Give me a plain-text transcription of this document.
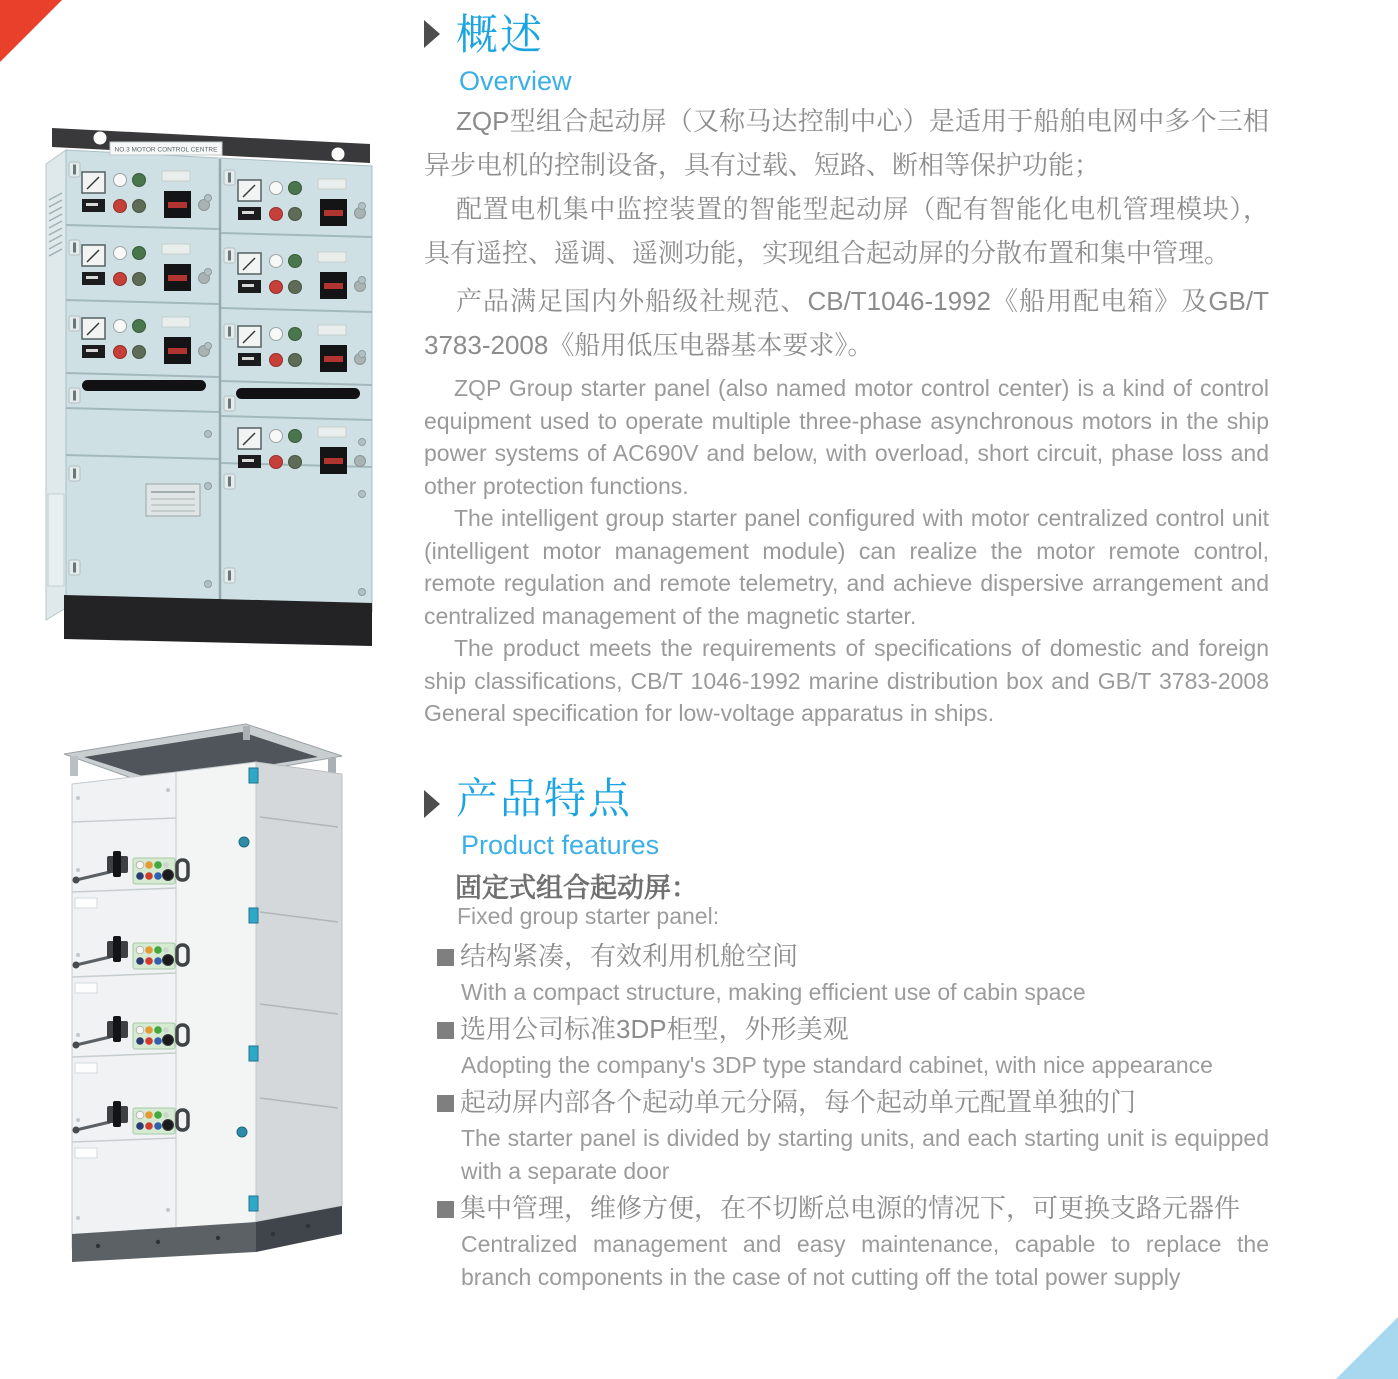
概述
Overview

ZQP型组合起动屏（又称马达控制中心）是适用于船舶电网中多个三相异步电机的控制设备，具有过载、短路、断相等保护功能；

配置电机集中监控装置的智能型起动屏（配有智能化电机管理模块），具有遥控、遥调、遥测功能，实现组合起动屏的分散布置和集中管理。

产品满足国内外船级社规范、CB/T1046-1992《船用配电箱》及GB/T 3783-2008《船用低压电器基本要求》。

ZQP Group starter panel (also named motor control center) is a kind of control equipment used to operate multiple three-phase asynchronous motors in the ship power systems of AC690V and below, with overload, short circuit, phase loss and other protection functions.

The intelligent group starter panel configured with motor centralized control unit (intelligent motor management module) can realize the motor remote control, remote regulation and remote telemetry, and achieve dispersive arrangement and centralized management of the magnetic starter.

The product meets the requirements of specifications of domestic and foreign ship classifications, CB/T 1046-1992 marine distribution box and GB/T 3783-2008 General specification for low-voltage apparatus in ships.

产品特点
Product features
固定式组合起动屏：
Fixed group starter panel:
结构紧凑，有效利用机舱空间
With a compact structure, making efficient use of cabin space
选用公司标准3DP柜型，外形美观
Adopting the company's 3DP type standard cabinet, with nice appearance
起动屏内部各个起动单元分隔，每个起动单元配置单独的门
The starter panel is divided by starting units, and each starting unit is equipped with a separate door
集中管理，维修方便，在不切断总电源的情况下，可更换支路元器件
Centralized management and easy maintenance, capable to replace the branch components in the case of not cutting off the total power supply
NO.3 MOTOR CONTROL CENTRE
